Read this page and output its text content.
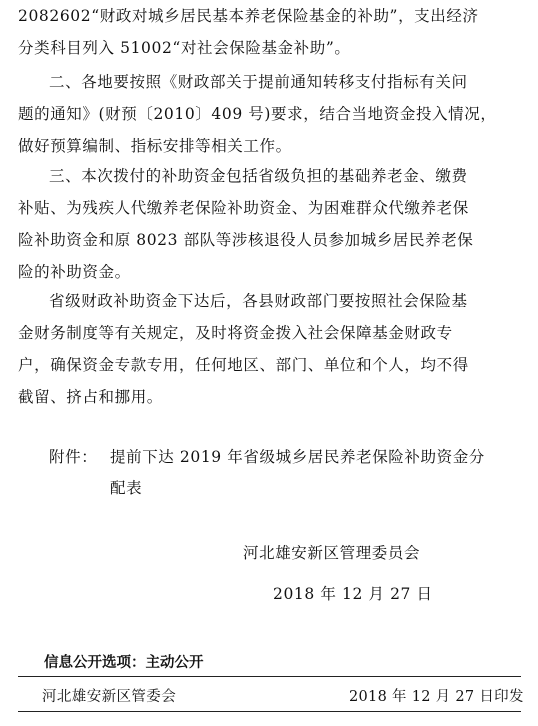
2082602“财政对城乡居民基本养老保险基金的补助”，支出经济
分类科目列入 51002“对社会保险基金补助”。

二、各地要按照《财政部关于提前通知转移支付指标有关问
题的通知》(财预〔2010〕409 号)要求，结合当地资金投入情况，
做好预算编制、指标安排等相关工作。

三、本次拨付的补助资金包括省级负担的基础养老金、缴费
补贴、为残疾人代缴养老保险补助资金、为困难群众代缴养老保
险补助资金和原 8023 部队等涉核退役人员参加城乡居民养老保
险的补助资金。

省级财政补助资金下达后，各县财政部门要按照社会保险基
金财务制度等有关规定，及时将资金拨入社会保障基金财政专
户，确保资金专款专用，任何地区、部门、单位和个人，均不得
截留、挤占和挪用。

附件： 提前下达 2019 年省级城乡居民养老保险补助资金分
配表
河北雄安新区管理委员会
2018 年 12 月 27 日
信息公开选项：主动公开
河北雄安新区管委会	2018 年 12 月 27 日印发
